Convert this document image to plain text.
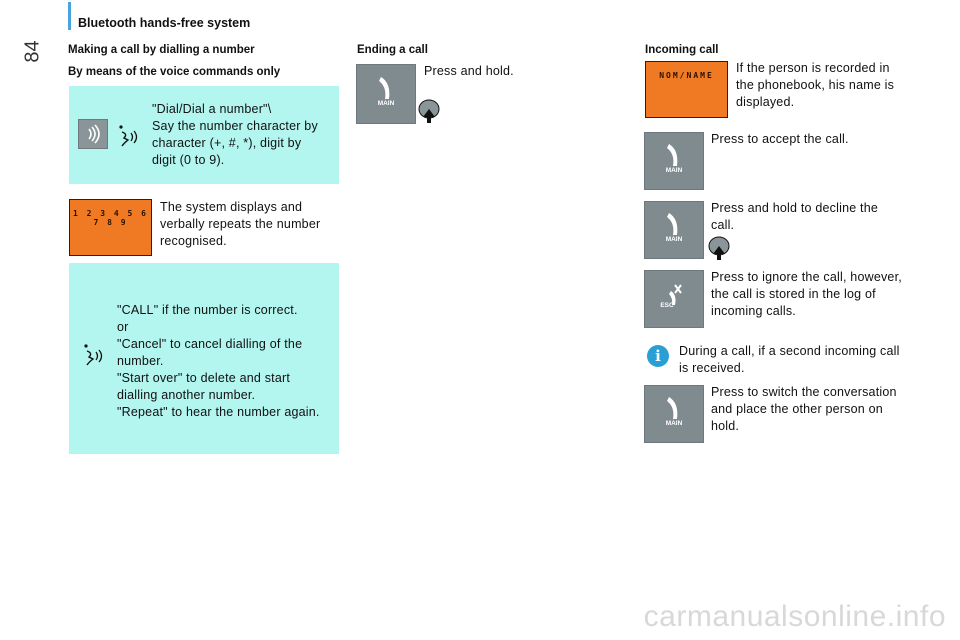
Bluetooth hands-free system
84 Making a call by dialling a number
By means of the voice commands only
"Dial/Dial a number"\
Say the number character by
character (+, #, *), digit by
digit (0 to 9).
1 2 3 4 5 6 7 8 9
The system displays and
verbally repeats the number
recognised.
"CALL" if the number is correct.
or
"Cancel" to cancel dialling of the
number.
"Start over" to delete and start
dialling another number.
"Repeat" to hear the number again.
Ending a call
MAIN
Press and hold.
Incoming call
NOM/NAME
If the person is recorded in
the phonebook, his name is
displayed.
MAIN
Press to accept the call.
MAIN
Press and hold to decline the
call.
ESC
Press to ignore the call, however,
the call is stored in the log of
incoming calls.
i	During a call, if a second incoming call
is received.
MAIN
Press to switch the conversation
and place the other person on
hold.
carmanualsonline.info
